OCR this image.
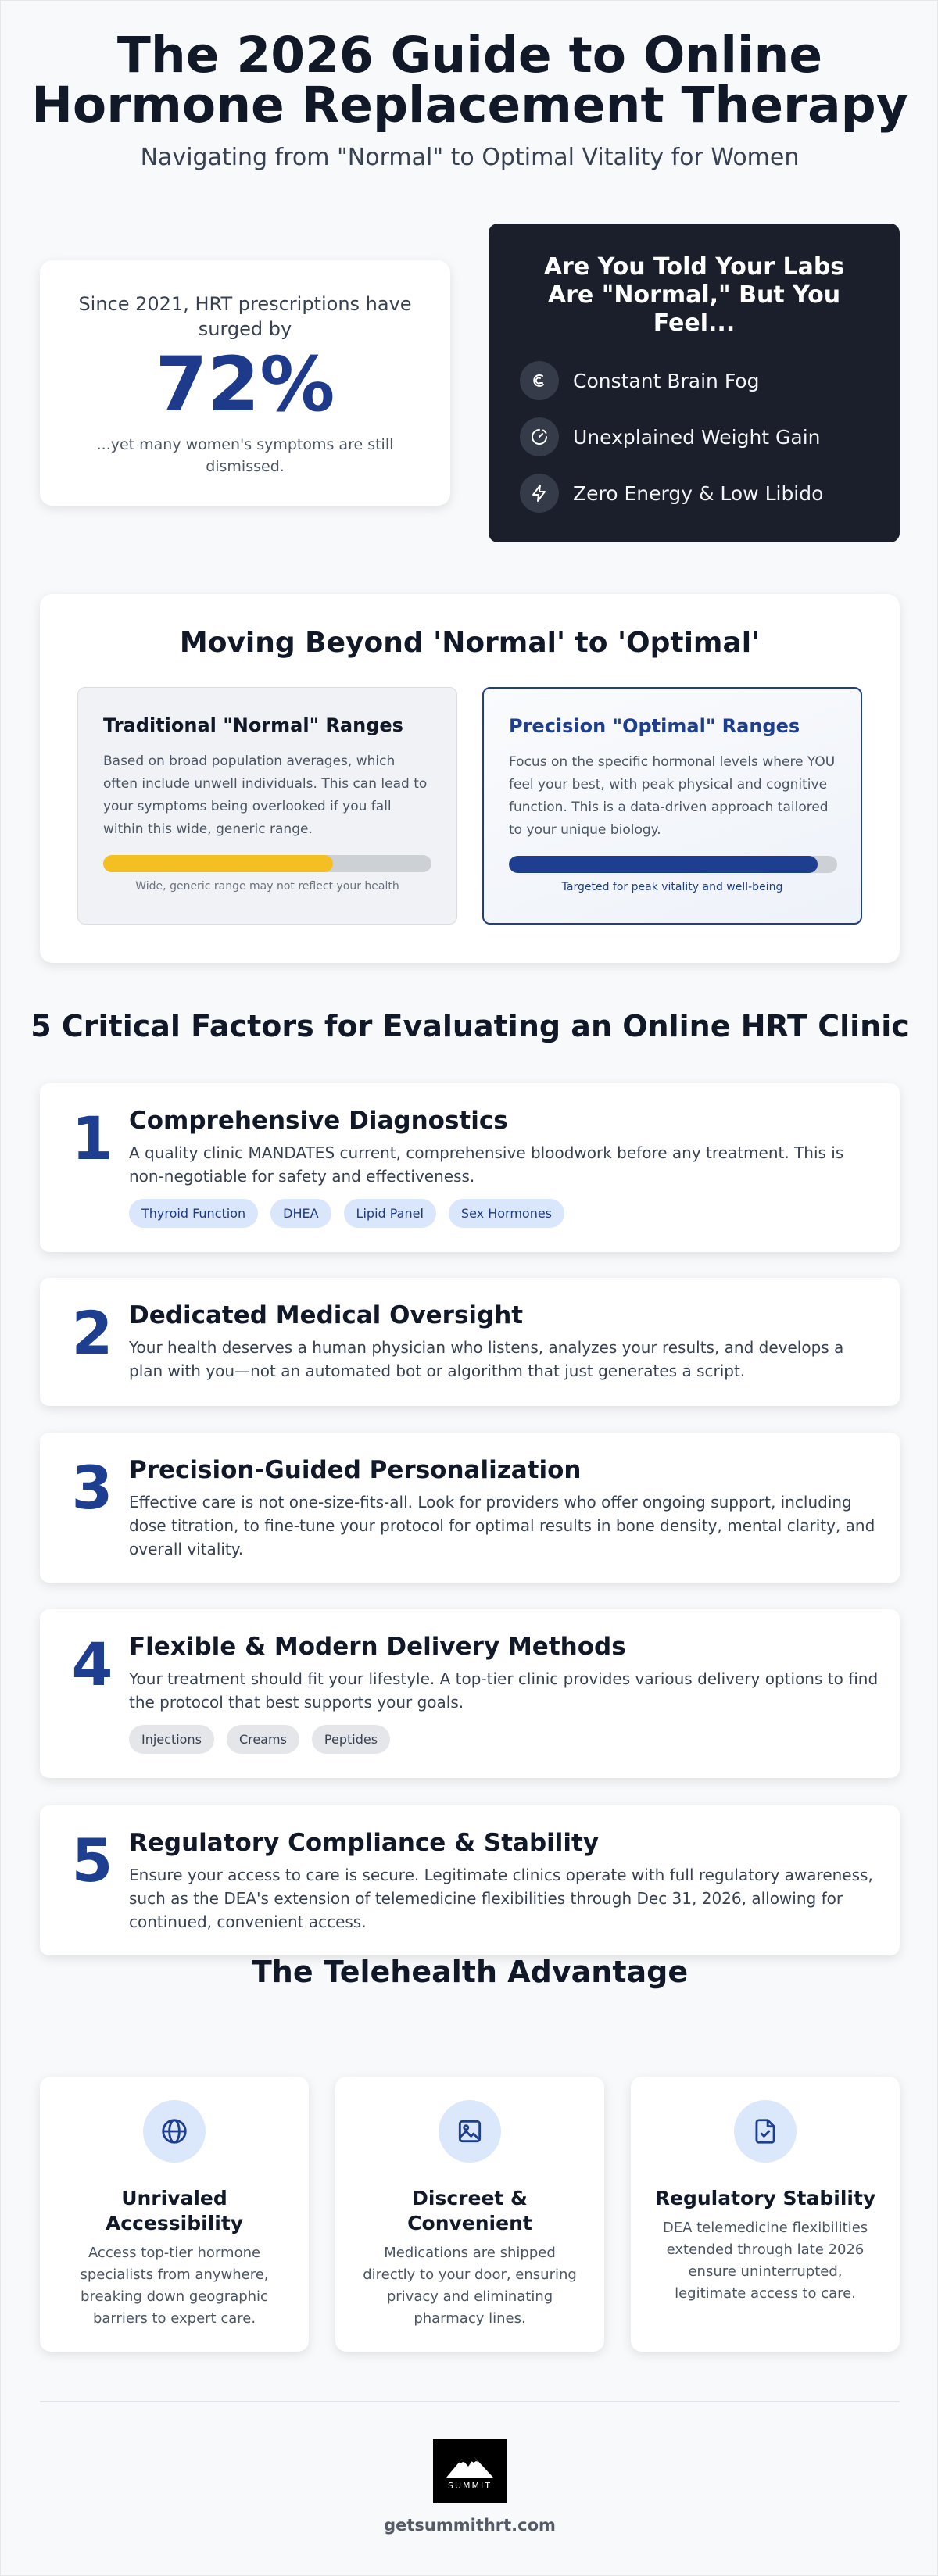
The 2026 Guide to Online
Hormone Replacement Therapy
Navigating from "Normal" to Optimal Vitality for Women
Since 2021, HRT prescriptions have surged by
72%
...yet many women's symptoms are still dismissed.
Are You Told Your Labs Are "Normal," But You Feel...
Constant Brain Fog
Unexplained Weight Gain
Zero Energy & Low Libido
Moving Beyond 'Normal' to 'Optimal'
Traditional "Normal" Ranges
Based on broad population averages, which often include unwell individuals. This can lead to your symptoms being overlooked if you fall within this wide, generic range.
Wide, generic range may not reflect your health
Precision "Optimal" Ranges
Focus on the specific hormonal levels where YOU feel your best, with peak physical and cognitive function. This is a data-driven approach tailored to your unique biology.
Targeted for peak vitality and well-being
5 Critical Factors for Evaluating an Online HRT Clinic
1 Comprehensive Diagnostics
A quality clinic MANDATES current, comprehensive bloodwork before any treatment. This is non-negotiable for safety and effectiveness.
Thyroid Function	DHEA	Lipid Panel	Sex Hormones
2 Dedicated Medical Oversight
Your health deserves a human physician who listens, analyzes your results, and develops a plan with you—not an automated bot or algorithm that just generates a script.
3 Precision-Guided Personalization
Effective care is not one-size-fits-all. Look for providers who offer ongoing support, including dose titration, to fine-tune your protocol for optimal results in bone density, mental clarity, and overall vitality.
4 Flexible & Modern Delivery Methods
Your treatment should fit your lifestyle. A top-tier clinic provides various delivery options to find the protocol that best supports your goals.
Injections	Creams	Peptides
5 Regulatory Compliance & Stability
Ensure your access to care is secure. Legitimate clinics operate with full regulatory awareness, such as the DEA's extension of telemedicine flexibilities through Dec 31, 2026, allowing for continued, convenient access.
The Telehealth Advantage
Unrivaled Accessibility
Access top-tier hormone specialists from anywhere, breaking down geographic barriers to expert care.
Discreet & Convenient
Medications are shipped directly to your door, ensuring privacy and eliminating pharmacy lines.
Regulatory Stability
DEA telemedicine flexibilities extended through late 2026 ensure uninterrupted, legitimate access to care.
SUMMIT
getsummithrt.com
